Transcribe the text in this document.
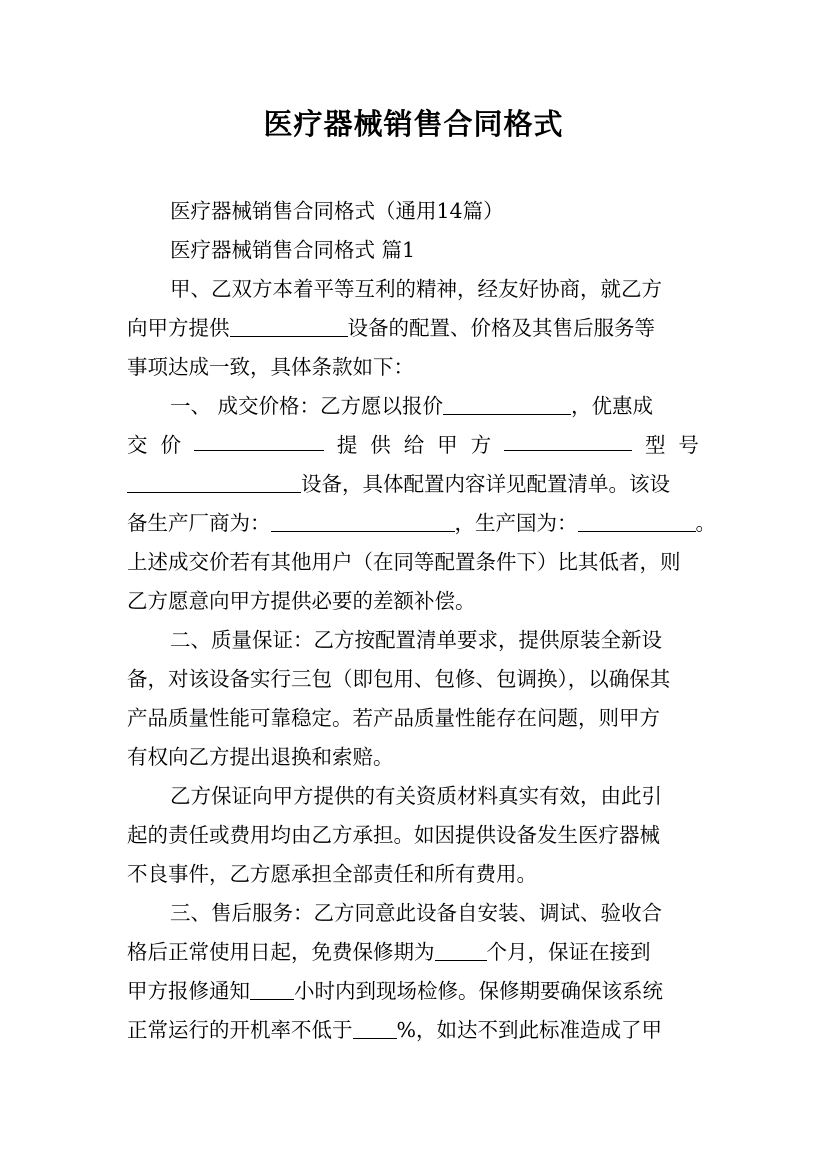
医疗器械销售合同格式
医疗器械销售合同格式（通用14篇）
医疗器械销售合同格式 篇1
甲、乙双方本着平等互利的精神，经友好协商，就乙方
向甲方提供	设备的配置、价格及其售后服务等
事项达成一致，具体条款如下：
一、 成交价格：乙方愿以报价	，优惠成
交 价	提 供 给 甲 方	型 号
设备，具体配置内容详见配置清单。该设
备生产厂商为：	，生产国为：	。
上述成交价若有其他用户（在同等配置条件下）比其低者，则
乙方愿意向甲方提供必要的差额补偿。
二、质量保证：乙方按配置清单要求，提供原装全新设
备，对该设备实行三包（即包用、包修、包调换），以确保其
产品质量性能可靠稳定。若产品质量性能存在问题，则甲方
有权向乙方提出退换和索赔。
乙方保证向甲方提供的有关资质材料真实有效，由此引
起的责任或费用均由乙方承担。如因提供设备发生医疗器械
不良事件，乙方愿承担全部责任和所有费用。
三、售后服务：乙方同意此设备自安装、调试、验收合
格后正常使用日起，免费保修期为	个月，保证在接到
甲方报修通知 小时内到现场检修。保修期要确保该系统
正常运行的开机率不低于 %，如达不到此标准造成了甲
